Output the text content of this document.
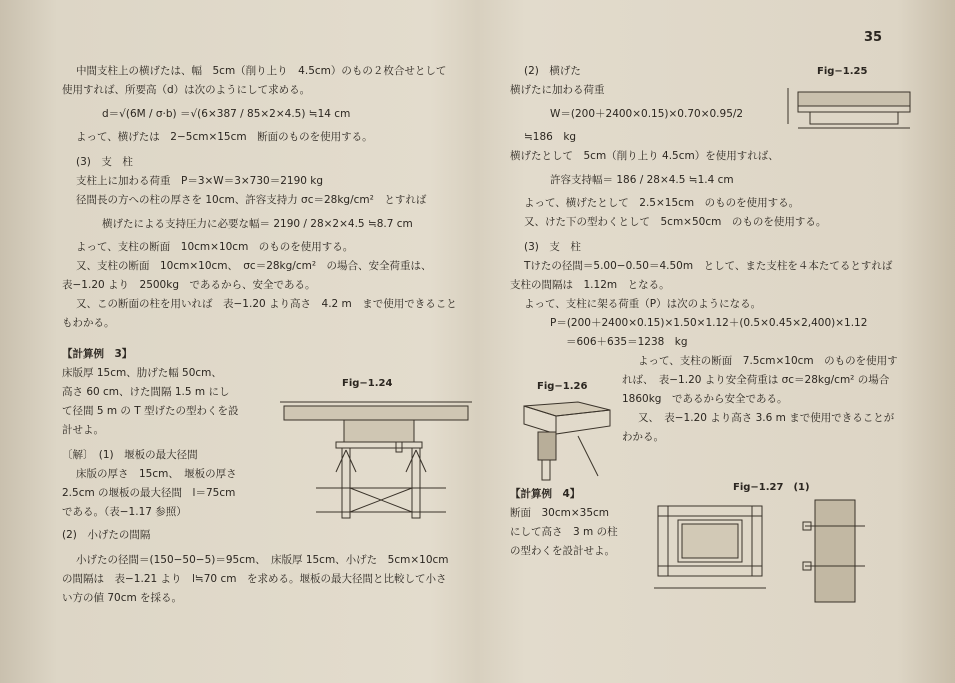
35
中間支柱上の横げたは、幅　5cm（削り上り　4.5cm）のもの２枚合せとして
使用すれば、所要高（d）は次のようにして求める。
d＝√(6M / σ·b) ＝√(6×387 / 85×2×4.5) ≒14 cm
よって、横げたは　2−5cm×15cm　断面のものを使用する。
(3)　支　柱
支柱上に加わる荷重　P＝3×W＝3×730＝2190 kg
径間長の方への柱の厚さを 10cm、許容支持力 σc＝28kg/cm²　とすれば
横げたによる支持圧力に必要な幅＝ 2190 / 28×2×4.5 ≒8.7 cm
よって、支柱の断面　10cm×10cm　のものを使用する。
又、支柱の断面　10cm×10cm、　σc＝28kg/cm²　の場合、安全荷重は、
表−1.20 より　2500kg　であるから、安全である。
又、この断面の柱を用いれば　表−1.20 より高さ　4.2 m　まで使用できること
もわかる。
【計算例　3】
床版厚 15cm、肋げた幅 50cm、
高さ 60 cm、けた間隔 1.5 m にし
て径間 5 m の T 型げたの型わくを設
計せよ。
〔解〕　(1)　堰板の最大径間
床版の厚さ　15cm、　堰板の厚さ
2.5cm の堰板の最大径間　l＝75cm
である。（表−1.17 参照）
(2)　小げたの間隔
小げたの径間＝(150−50−5)＝95cm、　床版厚 15cm、小げた　5cm×10cm
の間隔は　表−1.21 より　l≒70 cm　を求める。堰板の最大径間と比較して小さ
い方の値 70cm を採る。
Fig−1.24
(2)　横げた
横げたに加わる荷重
W＝(200＋2400×0.15)×0.70×0.95/2
≒186　kg
横げたとして　5cm（削り上り 4.5cm）を使用すれば、
許容支持幅＝ 186 / 28×4.5 ≒1.4 cm
よって、横げたとして　2.5×15cm　のものを使用する。
又、けた下の型わくとして　5cm×50cm　のものを使用する。
(3)　支　柱
Tけたの径間＝5.00−0.50＝4.50m　として、また支柱を４本たてるとすれば
支柱の間隔は　1.12m　となる。
よって、支柱に架る荷重（P）は次のようになる。
P＝(200＋2400×0.15)×1.50×1.12＋(0.5×0.45×2,400)×1.12
＝606＋635＝1238　kg
よって、支柱の断面　7.5cm×10cm　のものを使用す
れば、　表−1.20 より安全荷重は σc＝28kg/cm² の場合
1860kg　であるから安全である。
又、　表−1.20 より高さ 3.6 m まで使用できることが
わかる。
【計算例　4】
断面　30cm×35cm
にして高さ　3 m の柱
の型わくを設計せよ。
Fig−1.25
Fig−1.26
Fig−1.27　(1)
